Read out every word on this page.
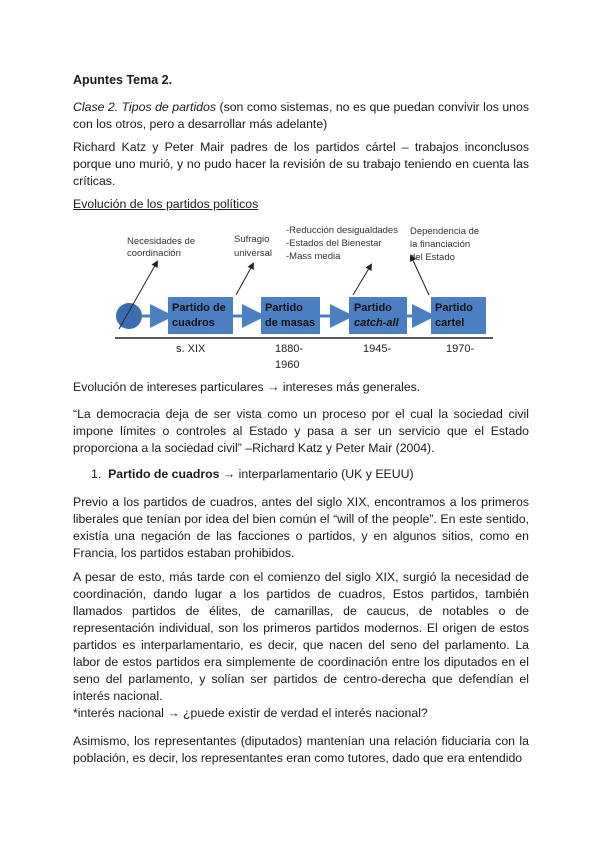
Apuntes Tema 2.

Clase 2. Tipos de partidos (son como sistemas, no es que puedan convivir los unos con los otros, pero a desarrollar más adelante)

Richard Katz y Peter Mair padres de los partidos cártel – trabajos inconclusos porque uno murió, y no pudo hacer la revisión de su trabajo teniendo en cuenta las críticas.

Evolución de los partidos políticos

Necesidades de
coordinación
Sufragio
universal
-Reducción desigualdades
-Estados del Bienestar
-Mass media
Dependencia de
la financiación
del Estado
Partido de
cuadros
Partido
de masas
Partido
catch-all
Partido
cartel
s. XIX	1880-
1960
1945-	1970-

Evolución de intereses particulares → intereses más generales.

“La democracia deja de ser vista como un proceso por el cual la sociedad civil impone límites o controles al Estado y pasa a ser un servicio que el Estado proporciona a la sociedad civil” –Richard Katz y Peter Mair (2004).

1. Partido de cuadros → interparlamentario (UK y EEUU)

Previo a los partidos de cuadros, antes del siglo XIX, encontramos a los primeros liberales que tenían por idea del bien común el “will of the people”. En este sentido, existía una negación de las facciones o partidos, y en algunos sitios, como en Francia, los partidos estaban prohibidos.

A pesar de esto, más tarde con el comienzo del siglo XIX, surgió la necesidad de coordinación, dando lugar a los partidos de cuadros, Estos partidos, también llamados partidos de élites, de camarillas, de caucus, de notables o de representación individual, son los primeros partidos modernos. El origen de estos partidos es interparlamentario, es decir, que nacen del seno del parlamento. La labor de estos partidos era simplemente de coordinación entre los diputados en el seno del parlamento, y solían ser partidos de centro-derecha que defendían el interés nacional.

*interés nacional → ¿puede existir de verdad el interés nacional?

Asimismo, los representantes (diputados) mantenían una relación fiduciaria con la población, es decir, los representantes eran como tutores, dado que era entendido
